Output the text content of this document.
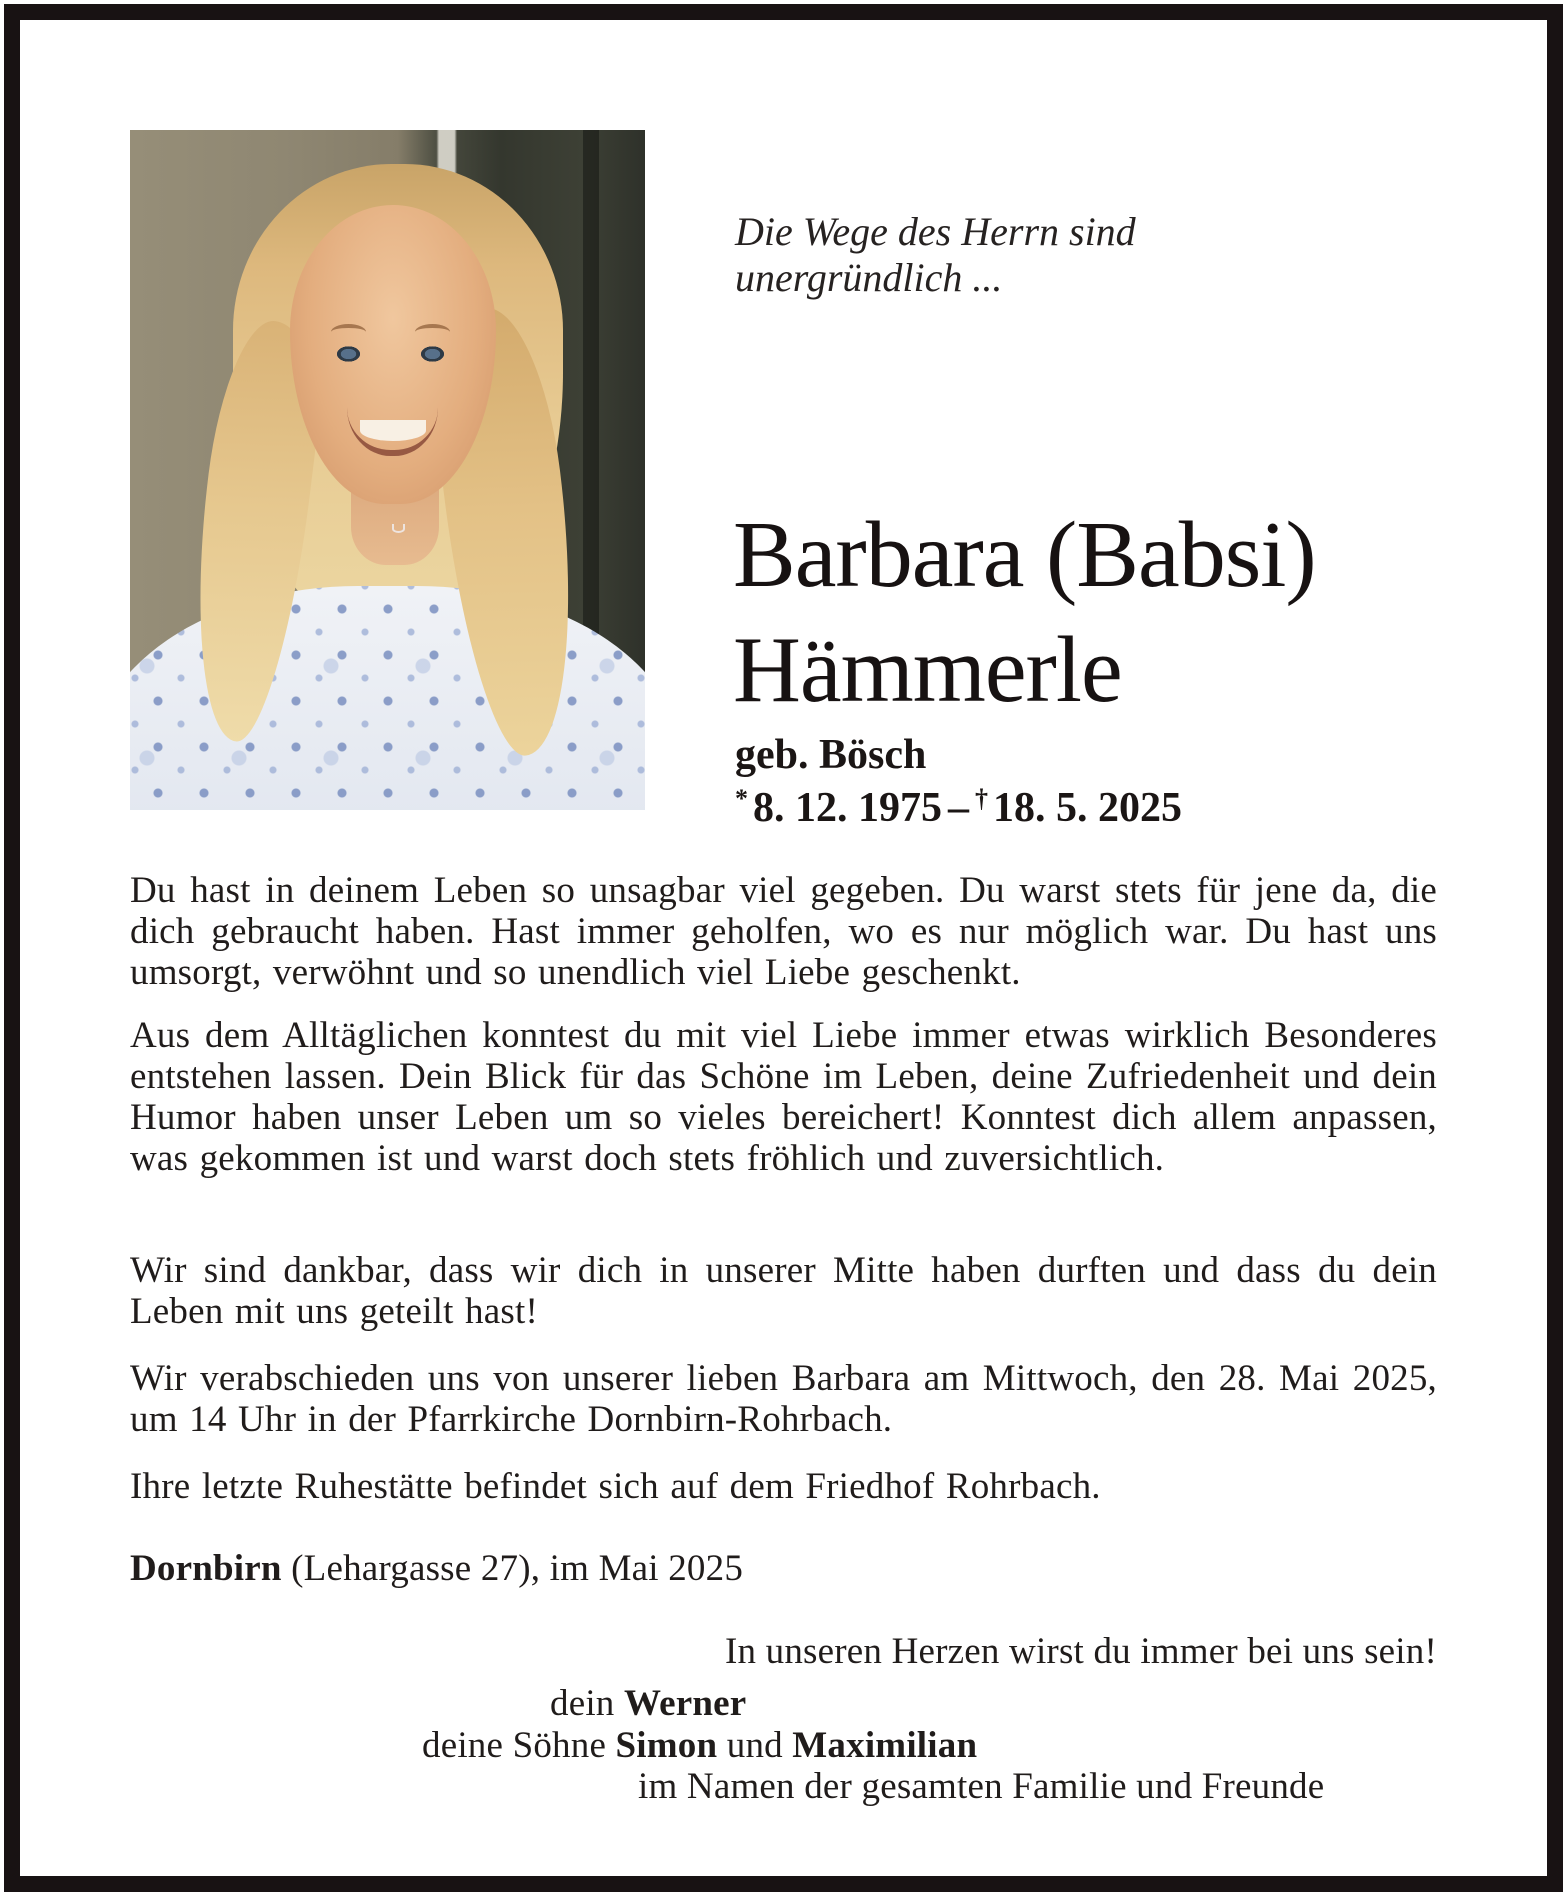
Die Wege des Herrn sind
unergründlich ...
Barbara (Babsi)
Hämmerle
geb. Bösch
* 8. 12. 1975 – † 18. 5. 2025

Du hast in deinem Leben so unsagbar viel gegeben. Du warst stets für jene da, die dich gebraucht haben. Hast immer geholfen, wo es nur möglich war. Du hast uns umsorgt, verwöhnt und so unendlich viel Liebe geschenkt.

Aus dem Alltäglichen konntest du mit viel Liebe immer etwas wirklich Besonderes entstehen lassen. Dein Blick für das Schöne im Leben, deine Zufriedenheit und dein Humor haben unser Leben um so vieles bereichert! Konntest dich allem anpassen, was gekommen ist und warst doch stets fröhlich und zuversichtlich.

Wir sind dankbar, dass wir dich in unserer Mitte haben durften und dass du dein Leben mit uns geteilt hast!

Wir verabschieden uns von unserer lieben Barbara am Mittwoch, den 28. Mai 2025, um 14 Uhr in der Pfarrkirche Dornbirn-Rohrbach.

Ihre letzte Ruhestätte befindet sich auf dem Friedhof Rohrbach.

Dornbirn (Lehargasse 27), im Mai 2025
In unseren Herzen wirst du immer bei uns sein!
dein Werner
deine Söhne Simon und Maximilian
im Namen der gesamten Familie und Freunde
